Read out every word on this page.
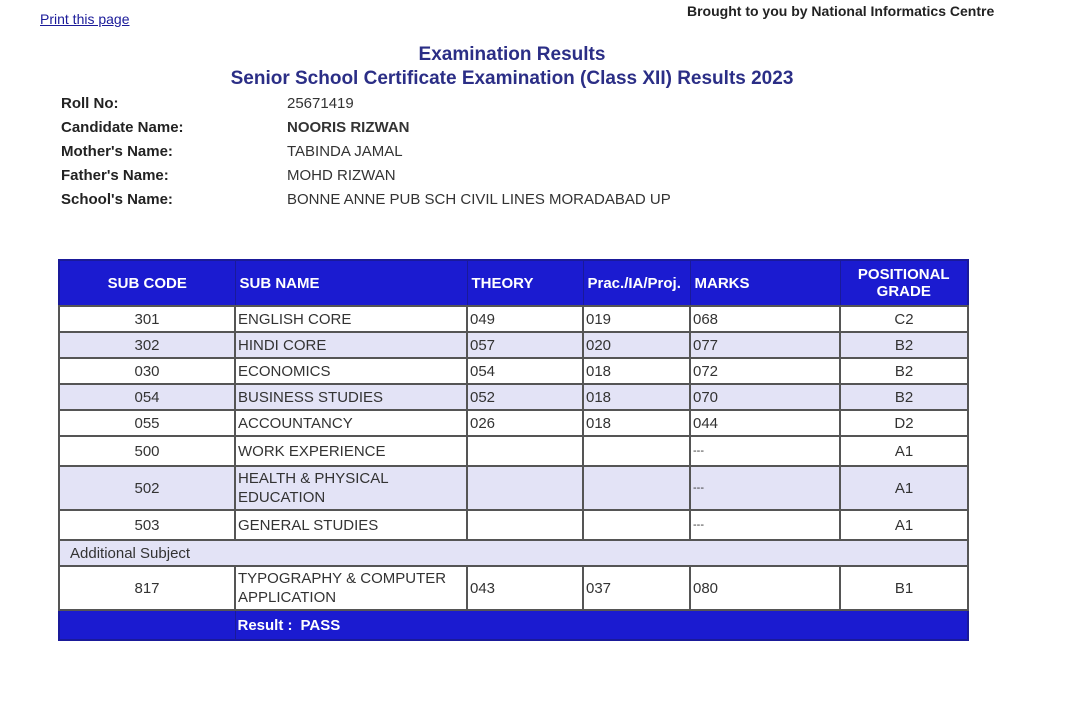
Print this page	Brought to you by National Informatics Centre
Examination Results
Senior School Certificate Examination (Class XII) Results 2023
Roll No:	25671419
Candidate Name:	NOORIS RIZWAN
Mother's Name:	TABINDA JAMAL
Father's Name:	MOHD RIZWAN
School's Name:	BONNE ANNE PUB SCH CIVIL LINES MORADABAD UP
SUB CODE	SUB NAME	THEORY	Prac./IA/Proj.	MARKS	POSITIONAL
GRADE
301	ENGLISH CORE	049	019	068	C2
302	HINDI CORE	057	020	077	B2
030	ECONOMICS	054	018	072	B2
054	BUSINESS STUDIES	052	018	070	B2
055	ACCOUNTANCY	026	018	044	D2
500	WORK EXPERIENCE			---	A1
502	HEALTH & PHYSICAL
EDUCATION			---	A1
503	GENERAL STUDIES			---	A1
Additional Subject					
817	TYPOGRAPHY & COMPUTER
APPLICATION	043	037	080	B1
	Result : PASS				
